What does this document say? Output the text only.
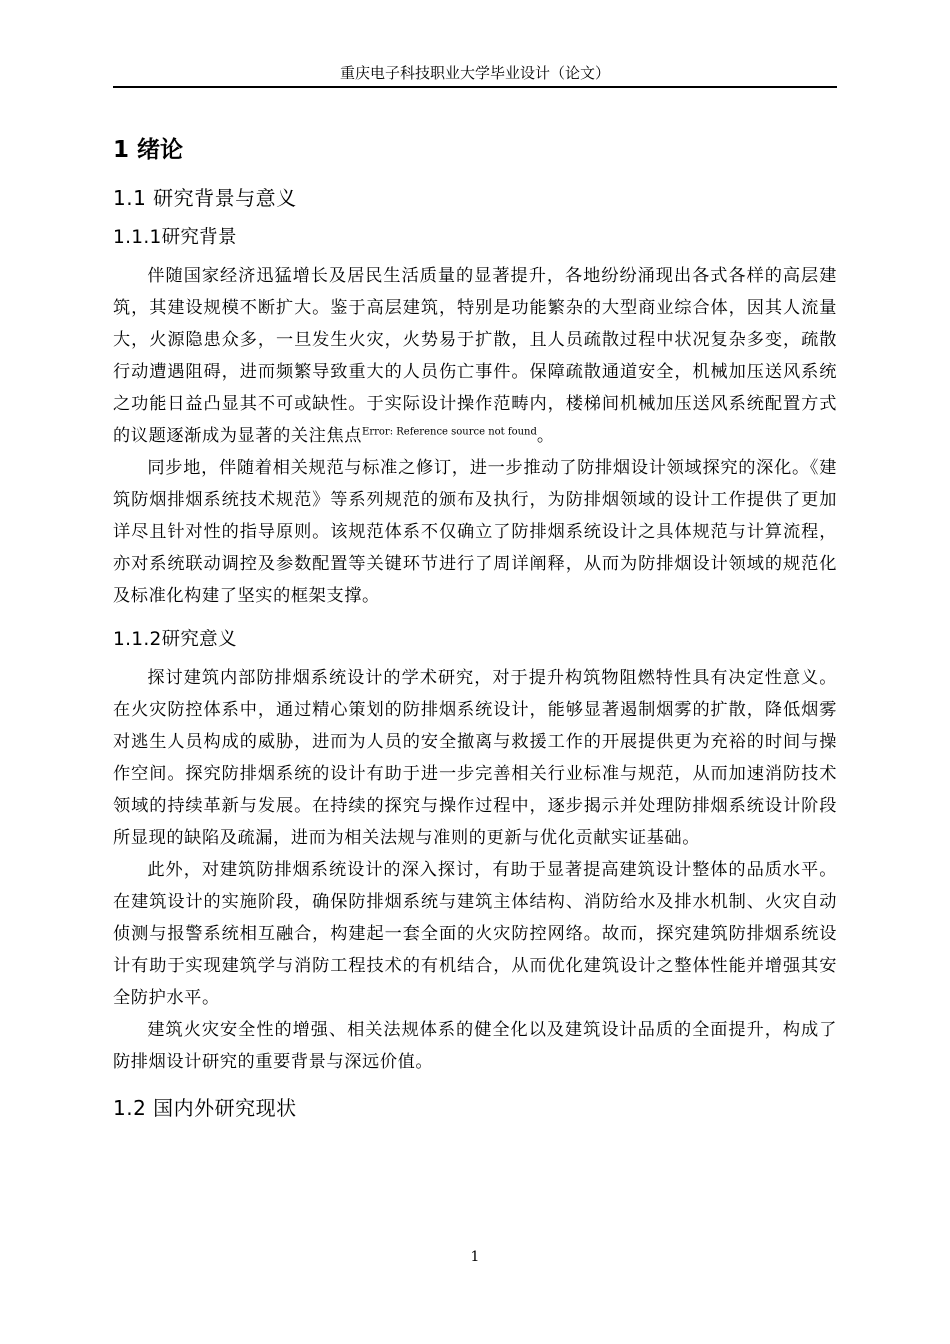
重庆电子科技职业大学毕业设计（论文）
1 绪论
1.1 研究背景与意义
1.1.1研究背景

伴随国家经济迅猛增长及居民生活质量的显著提升，各地纷纷涌现出各式各样的高层建筑，其建设规模不断扩大。鉴于高层建筑，特别是功能繁杂的大型商业综合体，因其人流量大，火源隐患众多，一旦发生火灾，火势易于扩散，且人员疏散过程中状况复杂多变，疏散行动遭遇阻碍，进而频繁导致重大的人员伤亡事件。保障疏散通道安全，机械加压送风系统之功能日益凸显其不可或缺性。于实际设计操作范畴内，楼梯间机械加压送风系统配置方式的议题逐渐成为显著的关注焦点$^{Error: Reference source not found}$。

同步地，伴随着相关规范与标准之修订，进一步推动了防排烟设计领域探究的深化。《建筑防烟排烟系统技术规范》等系列规范的颁布及执行，为防排烟领域的设计工作提供了更加详尽且针对性的指导原则。该规范体系不仅确立了防排烟系统设计之具体规范与计算流程，亦对系统联动调控及参数配置等关键环节进行了周详阐释，从而为防排烟设计领域的规范化及标准化构建了坚实的框架支撑。

1.1.2研究意义

探讨建筑内部防排烟系统设计的学术研究，对于提升构筑物阻燃特性具有决定性意义。在火灾防控体系中，通过精心策划的防排烟系统设计，能够显著遏制烟雾的扩散，降低烟雾对逃生人员构成的威胁，进而为人员的安全撤离与救援工作的开展提供更为充裕的时间与操作空间。探究防排烟系统的设计有助于进一步完善相关行业标准与规范，从而加速消防技术领域的持续革新与发展。在持续的探究与操作过程中，逐步揭示并处理防排烟系统设计阶段所显现的缺陷及疏漏，进而为相关法规与准则的更新与优化贡献实证基础。

此外，对建筑防排烟系统设计的深入探讨，有助于显著提高建筑设计整体的品质水平。在建筑设计的实施阶段，确保防排烟系统与建筑主体结构、消防给水及排水机制、火灾自动侦测与报警系统相互融合，构建起一套全面的火灾防控网络。故而，探究建筑防排烟系统设计有助于实现建筑学与消防工程技术的有机结合，从而优化建筑设计之整体性能并增强其安全防护水平。

建筑火灾安全性的增强、相关法规体系的健全化以及建筑设计品质的全面提升，构成了防排烟设计研究的重要背景与深远价值。

1.2 国内外研究现状
1
